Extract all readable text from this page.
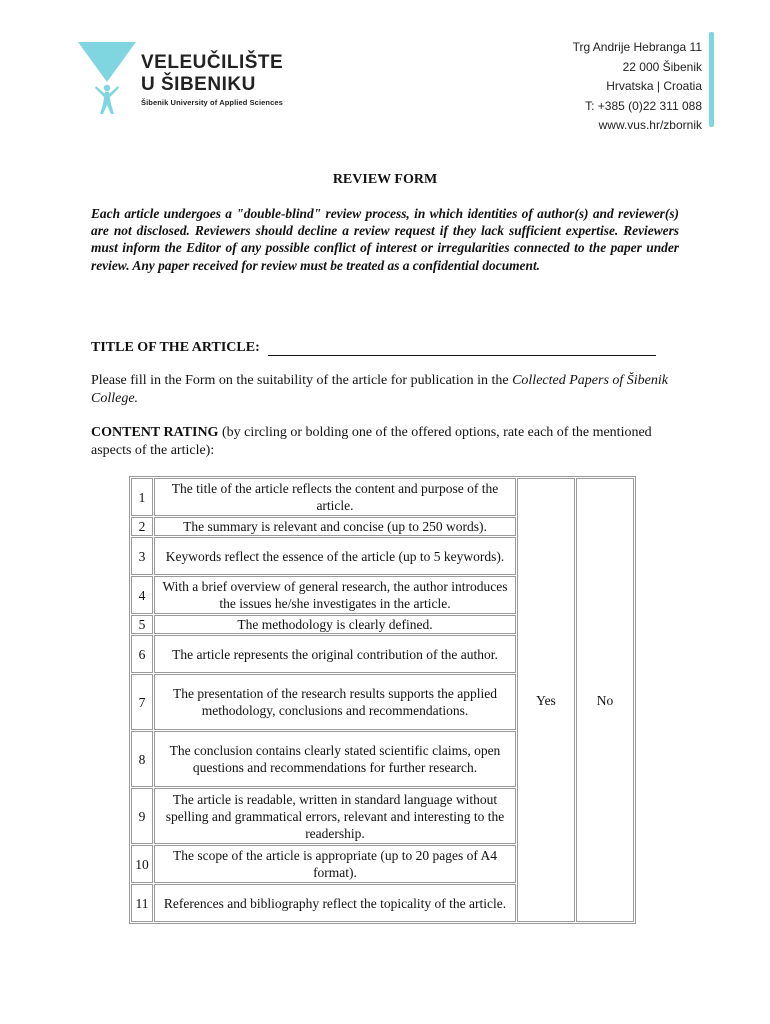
VELEUČILIŠTE
U ŠIBENIKU
Šibenik University of Applied Sciences
Trg Andrije Hebranga 11
22 000 Šibenik
Hrvatska | Croatia
T: +385 (0)22 311 088
www.vus.hr/zbornik
REVIEW FORM
Each article undergoes a "double-blind" review process, in which identities of author(s) and reviewer(s) are not disclosed. Reviewers should decline a review request if they lack sufficient expertise. Reviewers must inform the Editor of any possible conflict of interest or irregularities connected to the paper under review. Any paper received for review must be treated as a confidential document.
TITLE OF THE ARTICLE:
Please fill in the Form on the suitability of the article for publication in the Collected Papers of Šibenik College.
CONTENT RATING (by circling or bolding one of the offered options, rate each of the mentioned aspects of the article):
1	The title of the article reflects the content and purpose of the article.	Yes	No
2	The summary is relevant and concise (up to 250 words).		
3	Keywords reflect the essence of the article (up to 5 keywords).		
4	With a brief overview of general research, the author introduces the issues he/she investigates in the article.		
5	The methodology is clearly defined.		
6	The article represents the original contribution of the author.		
7	The presentation of the research results supports the applied methodology, conclusions and recommendations.		
8	The conclusion contains clearly stated scientific claims, open questions and recommendations for further research.		
9	The article is readable, written in standard language without spelling and grammatical errors, relevant and interesting to the readership.		
10	The scope of the article is appropriate (up to 20 pages of A4 format).		
11	References and bibliography reflect the topicality of the article.		
